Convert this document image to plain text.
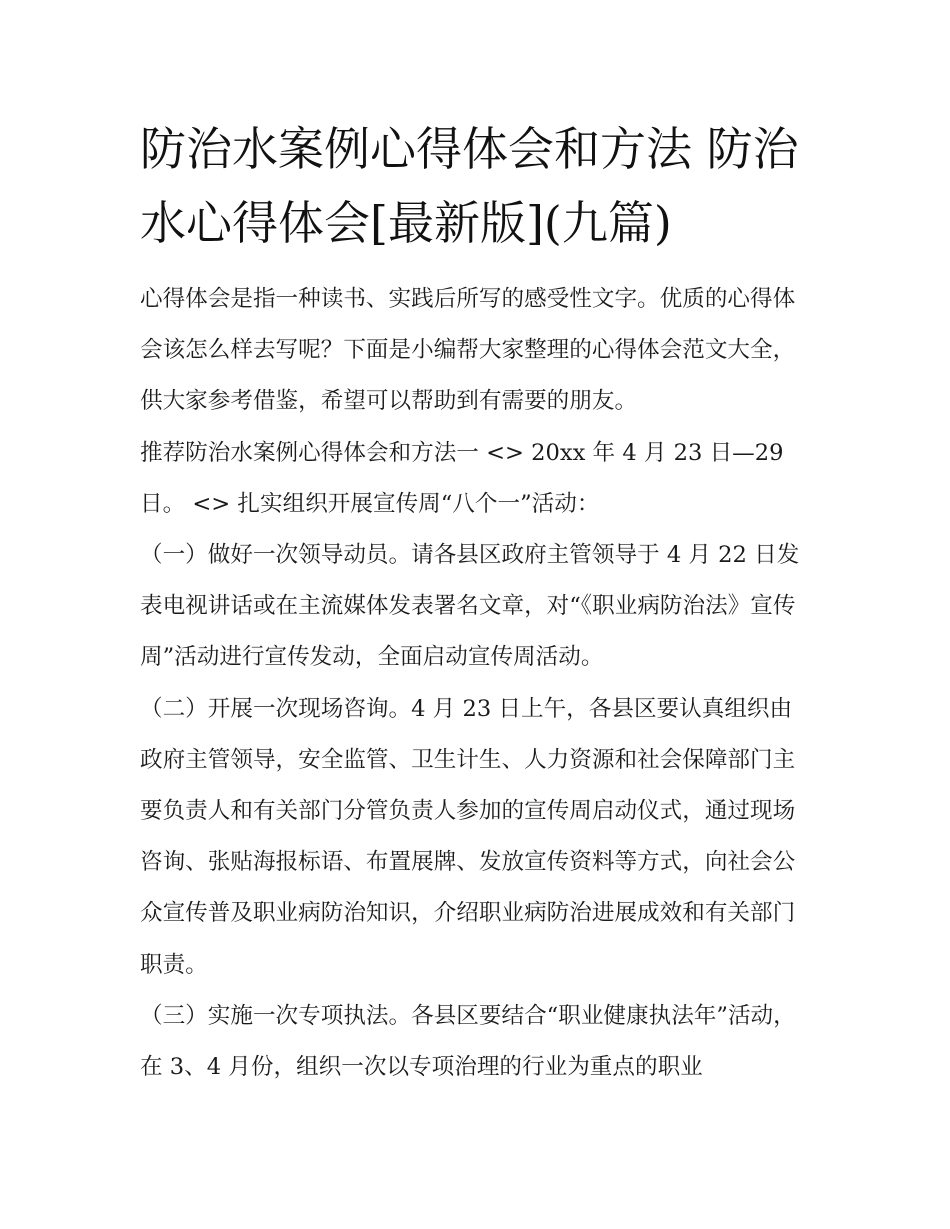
防治水案例心得体会和方法 防治水心得体会[最新版](九篇)

心得体会是指一种读书、实践后所写的感受性文字。优质的心得体会该怎么样去写呢？下面是小编帮大家整理的心得体会范文大全，供大家参考借鉴，希望可以帮助到有需要的朋友。

推荐防治水案例心得体会和方法一 <> 20xx 年 4 月 23 日—29 日。 <> 扎实组织开展宣传周“八个一”活动：

（一）做好一次领导动员。请各县区政府主管领导于 4 月 22 日发表电视讲话或在主流媒体发表署名文章，对“《职业病防治法》宣传周”活动进行宣传发动，全面启动宣传周活动。

（二）开展一次现场咨询。4 月 23 日上午，各县区要认真组织由政府主管领导，安全监管、卫生计生、人力资源和社会保障部门主要负责人和有关部门分管负责人参加的宣传周启动仪式，通过现场咨询、张贴海报标语、布置展牌、发放宣传资料等方式，向社会公众宣传普及职业病防治知识，介绍职业病防治进展成效和有关部门职责。

（三）实施一次专项执法。各县区要结合“职业健康执法年”活动，在 3、4 月份，组织一次以专项治理的行业为重点的职业
